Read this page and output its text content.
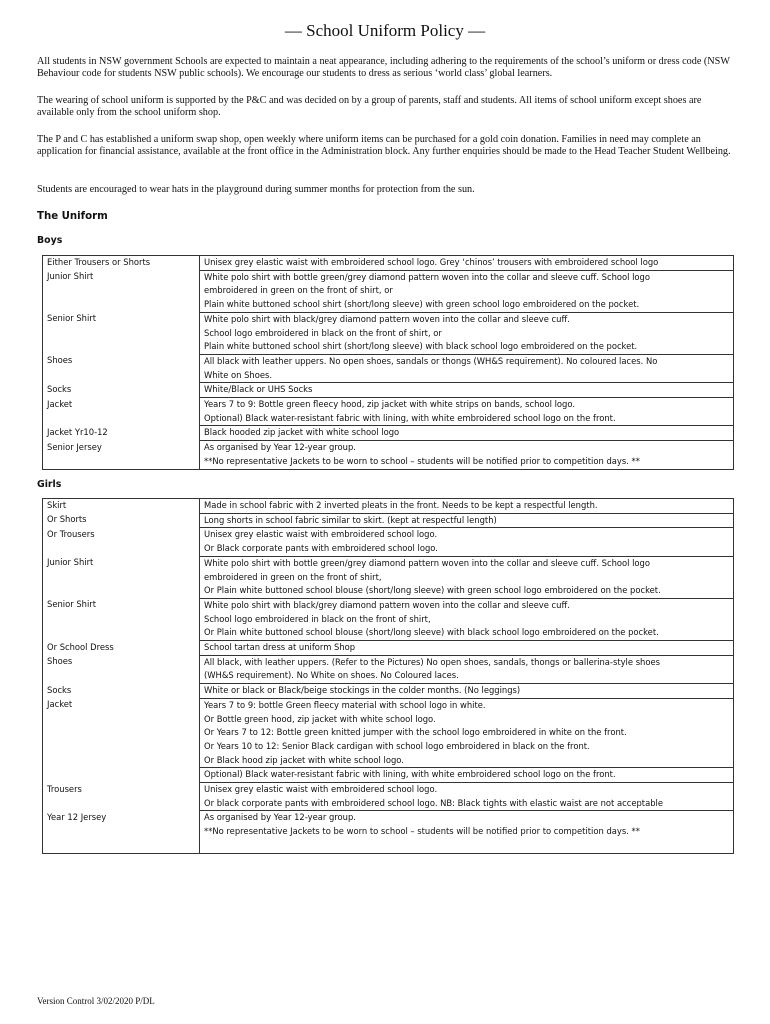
— School Uniform Policy —

All students in NSW government Schools are expected to maintain a neat appearance, including adhering to the requirements of the school’s uniform or dress code (NSW Behaviour code for students NSW public schools). We encourage our students to dress as serious ‘world class’ global learners.

The wearing of school uniform is supported by the P&C and was decided on by a group of parents, staff and students. All items of school uniform except shoes are available only from the school uniform shop.

The P and C has established a uniform swap shop, open weekly where uniform items can be purchased for a gold coin donation. Families in need may complete an application for financial assistance, available at the front office in the Administration block. Any further enquiries should be made to the Head Teacher Student Wellbeing.

Students are encouraged to wear hats in the playground during summer months for protection from the sun.

The Uniform
Boys
Either Trousers or Shorts	Unisex grey elastic waist with embroidered school logo. Grey ‘chinos’ trousers with embroidered school logo

Junior Shirt	White polo shirt with bottle green/grey diamond pattern woven into the collar and sleeve cuff. School logo
embroidered in green on the front of shirt, or
Plain white buttoned school shirt (short/long sleeve) with green school logo embroidered on the pocket.

Senior Shirt	White polo shirt with black/grey diamond pattern woven into the collar and sleeve cuff.
School logo embroidered in black on the front of shirt, or
Plain white buttoned school shirt (short/long sleeve) with black school logo embroidered on the pocket.

Shoes	All black with leather uppers. No open shoes, sandals or thongs (WH&S requirement). No coloured laces. No
White on Shoes.

Socks	White/Black or UHS Socks

Jacket	Years 7 to 9: Bottle green fleecy hood, zip jacket with white strips on bands, school logo.
Optional) Black water-resistant fabric with lining, with white embroidered school logo on the front.

Jacket Yr10-12	Black hooded zip jacket with white school logo

Senior Jersey	As organised by Year 12-year group.
**No representative Jackets to be worn to school – students will be notified prior to competition days. **
Girls
Skirt	Made in school fabric with 2 inverted pleats in the front. Needs to be kept a respectful length.

Or Shorts	Long shorts in school fabric similar to skirt. (kept at respectful length)

Or Trousers	Unisex grey elastic waist with embroidered school logo.
Or Black corporate pants with embroidered school logo.

Junior Shirt	White polo shirt with bottle green/grey diamond pattern woven into the collar and sleeve cuff. School logo
embroidered in green on the front of shirt,
Or Plain white buttoned school blouse (short/long sleeve) with green school logo embroidered on the pocket.

Senior Shirt	White polo shirt with black/grey diamond pattern woven into the collar and sleeve cuff.
School logo embroidered in black on the front of shirt,
Or Plain white buttoned school blouse (short/long sleeve) with black school logo embroidered on the pocket.

Or School Dress	School tartan dress at uniform Shop

Shoes	All black, with leather uppers. (Refer to the Pictures) No open shoes, sandals, thongs or ballerina-style shoes
(WH&S requirement). No White on shoes. No Coloured laces.

Socks	White or black or Black/beige stockings in the colder months. (No leggings)

Jacket	Years 7 to 9: bottle Green fleecy material with school logo in white.
Or Bottle green hood, zip jacket with white school logo.
Or Years 7 to 12: Bottle green knitted jumper with the school logo embroidered in white on the front.
Or Years 10 to 12: Senior Black cardigan with school logo embroidered in black on the front.
Or Black hood zip jacket with white school logo.

	Optional) Black water-resistant fabric with lining, with white embroidered school logo on the front.

Trousers	Unisex grey elastic waist with embroidered school logo.
Or black corporate pants with embroidered school logo. NB: Black tights with elastic waist are not acceptable

Year 12 Jersey	As organised by Year 12-year group.
**No representative Jackets to be worn to school – students will be notified prior to competition days. **

Version Control 3/02/2020 P/DL
